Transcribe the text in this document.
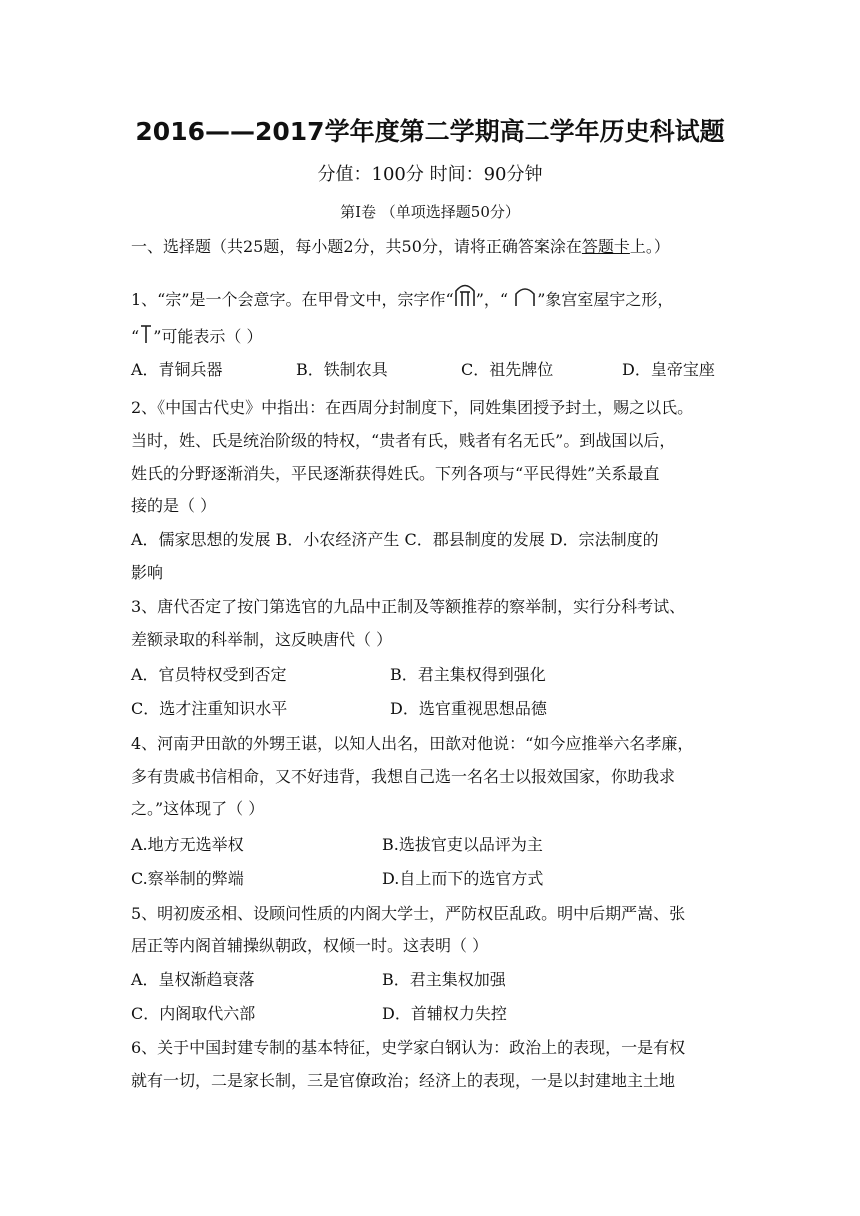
2016——2017学年度第二学期高二学年历史科试题
分值：100分 时间：90分钟
第Ⅰ卷 （单项选择题50分）
一、选择题（共25题，每小题2分，共50分，请将正确答案涂在答题卡上。）
1、“宗”是一个会意字。在甲骨文中，宗字作“ ”，“ ”象宫室屋宇之形，
“ ”可能表示（ ）
A．青铜兵器	B．铁制农具	C．祖先牌位	D．皇帝宝座
2、《中国古代史》中指出：在西周分封制度下，同姓集团授予封土，赐之以氏。
当时，姓、氏是统治阶级的特权，“贵者有氏，贱者有名无氏”。到战国以后，
姓氏的分野逐渐消失，平民逐渐获得姓氏。下列各项与“平民得姓”关系最直
接的是（ ）
A．儒家思想的发展 B．小农经济产生 C．郡县制度的发展 D．宗法制度的
影响
3、唐代否定了按门第选官的九品中正制及等额推荐的察举制，实行分科考试、
差额录取的科举制，这反映唐代（ ）
A．官员特权受到否定	B．君主集权得到强化
C．选才注重知识水平	D．选官重视思想品德
4、河南尹田歆的外甥王谌，以知人出名，田歆对他说：“如今应推举六名孝廉，
多有贵戚书信相命，又不好违背，我想自己选一名名士以报效国家，你助我求
之。”这体现了（ ）
A.地方无选举权	B.选拔官吏以品评为主
C.察举制的弊端	D.自上而下的选官方式
5、明初废丞相、设顾问性质的内阁大学士，严防权臣乱政。明中后期严嵩、张
居正等内阁首辅操纵朝政，权倾一时。这表明（ ）
A．皇权渐趋衰落	B．君主集权加强
C．内阁取代六部	D．首辅权力失控
6、关于中国封建专制的基本特征，史学家白钢认为：政治上的表现，一是有权
就有一切，二是家长制，三是官僚政治；经济上的表现，一是以封建地主土地
